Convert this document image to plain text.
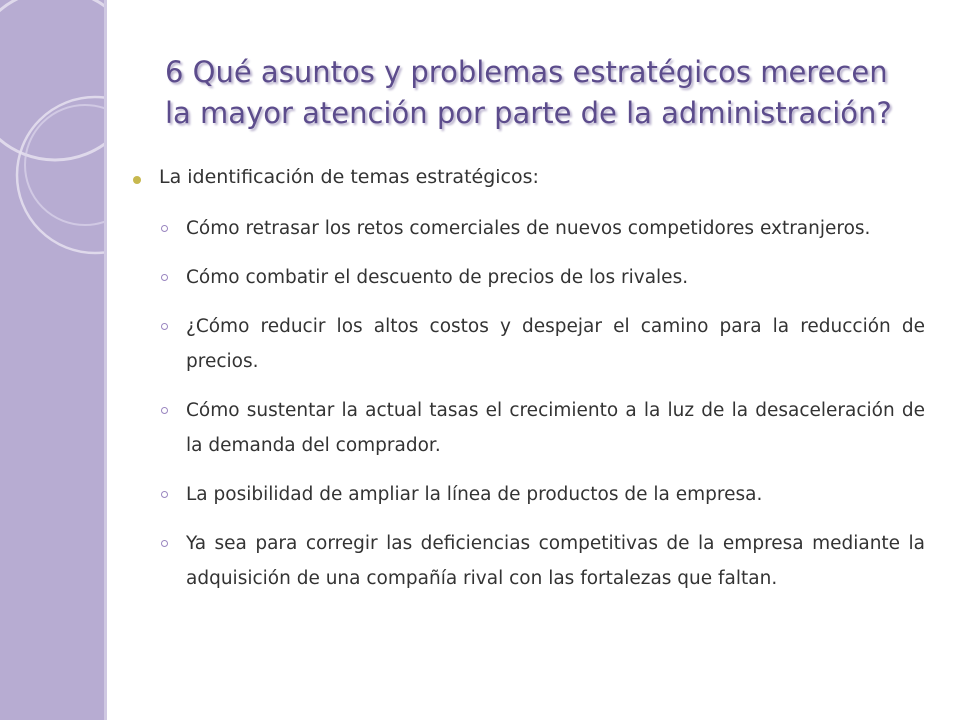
6 Qué asuntos y problemas estratégicos merecen
la mayor atención por parte de la administración?
La identificación de temas estratégicos:
Cómo retrasar los retos comerciales de nuevos competidores extranjeros.
Cómo combatir el descuento de precios de los rivales.
¿Cómo reducir los altos costos y despejar el camino para la reducción de precios.
Cómo sustentar la actual tasas el crecimiento a la luz de la desaceleración de la demanda del comprador.
La posibilidad de ampliar la línea de productos de la empresa.
Ya sea para corregir las deficiencias competitivas de la empresa mediante la adquisición de una compañía rival con las fortalezas que faltan.
